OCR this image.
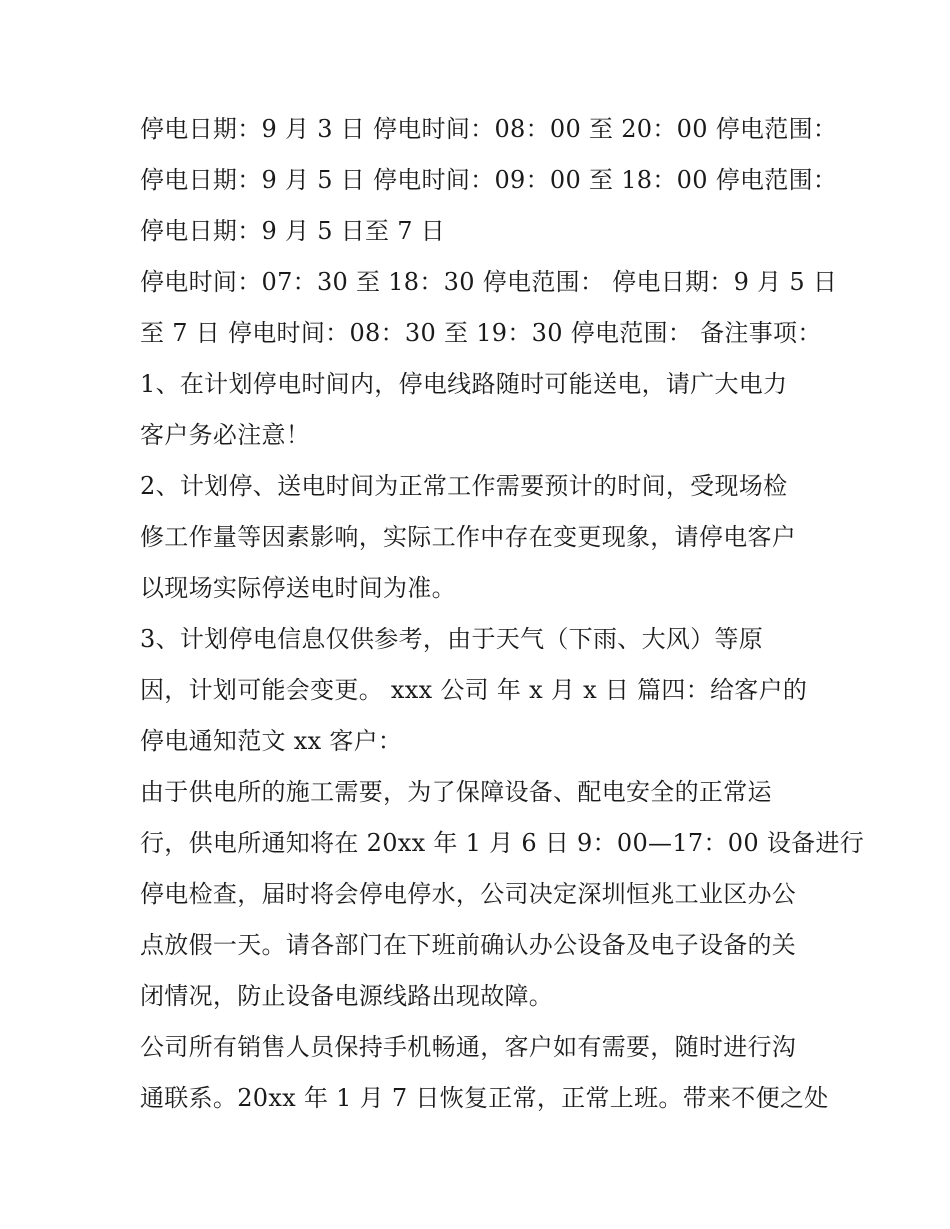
停电日期：9 月 3 日 停电时间：08：00 至 20：00 停电范围：
停电日期：9 月 5 日 停电时间：09：00 至 18：00 停电范围：
停电日期：9 月 5 日至 7 日
停电时间：07：30 至 18：30 停电范围： 停电日期：9 月 5 日
至 7 日 停电时间：08：30 至 19：30 停电范围： 备注事项：
1、在计划停电时间内，停电线路随时可能送电，请广大电力
客户务必注意！
2、计划停、送电时间为正常工作需要预计的时间，受现场检
修工作量等因素影响，实际工作中存在变更现象，请停电客户
以现场实际停送电时间为准。
3、计划停电信息仅供参考，由于天气（下雨、大风）等原
因，计划可能会变更。 xxx 公司 年 x 月 x 日 篇四：给客户的
停电通知范文 xx 客户：
由于供电所的施工需要，为了保障设备、配电安全的正常运
行，供电所通知将在 20xx 年 1 月 6 日 9：00—17：00 设备进行
停电检查，届时将会停电停水，公司决定深圳恒兆工业区办公
点放假一天。请各部门在下班前确认办公设备及电子设备的关
闭情况，防止设备电源线路出现故障。
公司所有销售人员保持手机畅通，客户如有需要，随时进行沟
通联系。20xx 年 1 月 7 日恢复正常，正常上班。带来不便之处
